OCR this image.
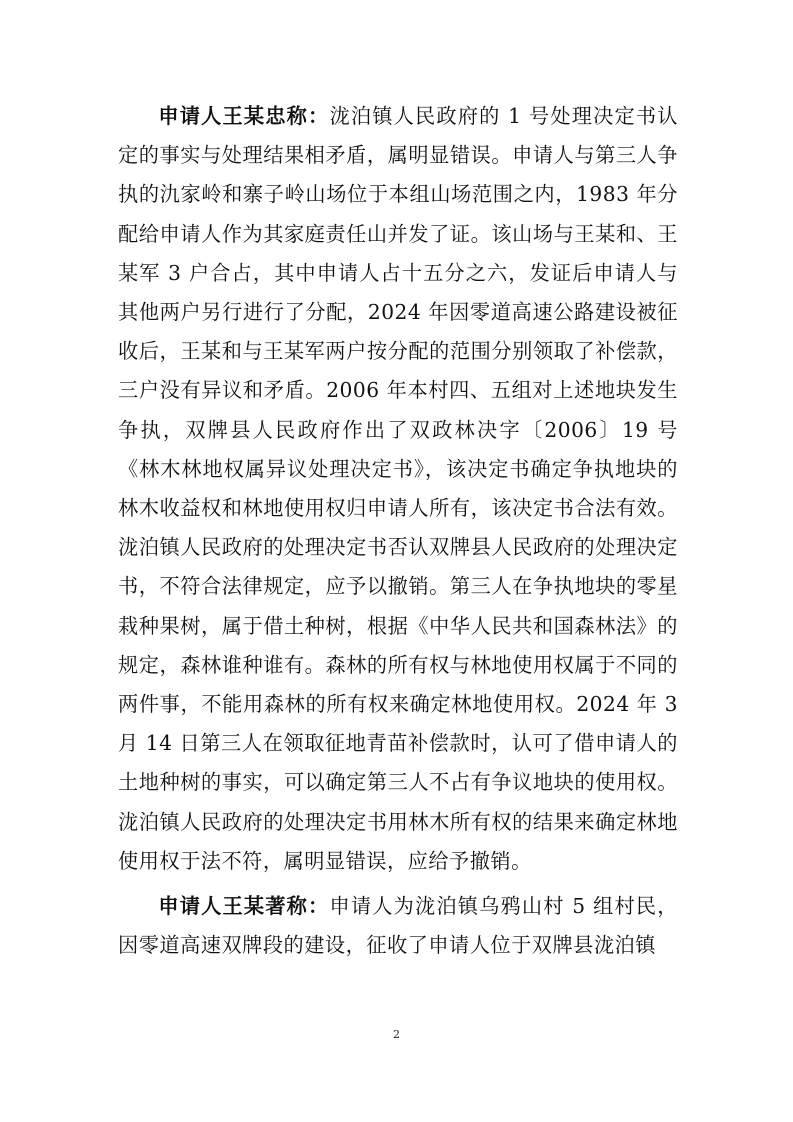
申请人王某忠称：泷泊镇人民政府的 1 号处理决定书认定的事实与处理结果相矛盾，属明显错误。申请人与第三人争执的氿家岭和寨子岭山场位于本组山场范围之内，1983 年分配给申请人作为其家庭责任山并发了证。该山场与王某和、王某军 3 户合占，其中申请人占十五分之六，发证后申请人与其他两户另行进行了分配，2024 年因零道高速公路建设被征收后，王某和与王某军两户按分配的范围分别领取了补偿款，三户没有异议和矛盾。2006 年本村四、五组对上述地块发生争执，双牌县人民政府作出了双政林决字〔2006〕19 号《林木林地权属异议处理决定书》，该决定书确定争执地块的林木收益权和林地使用权归申请人所有，该决定书合法有效。泷泊镇人民政府的处理决定书否认双牌县人民政府的处理决定书，不符合法律规定，应予以撤销。第三人在争执地块的零星栽种果树，属于借土种树，根据《中华人民共和国森林法》的规定，森林谁种谁有。森林的所有权与林地使用权属于不同的两件事，不能用森林的所有权来确定林地使用权。2024 年 3 月 14 日第三人在领取征地青苗补偿款时，认可了借申请人的土地种树的事实，可以确定第三人不占有争议地块的使用权。泷泊镇人民政府的处理决定书用林木所有权的结果来确定林地使用权于法不符，属明显错误，应给予撤销。

申请人王某著称：申请人为泷泊镇乌鸦山村 5 组村民，因零道高速双牌段的建设，征收了申请人位于双牌县泷泊镇

2
